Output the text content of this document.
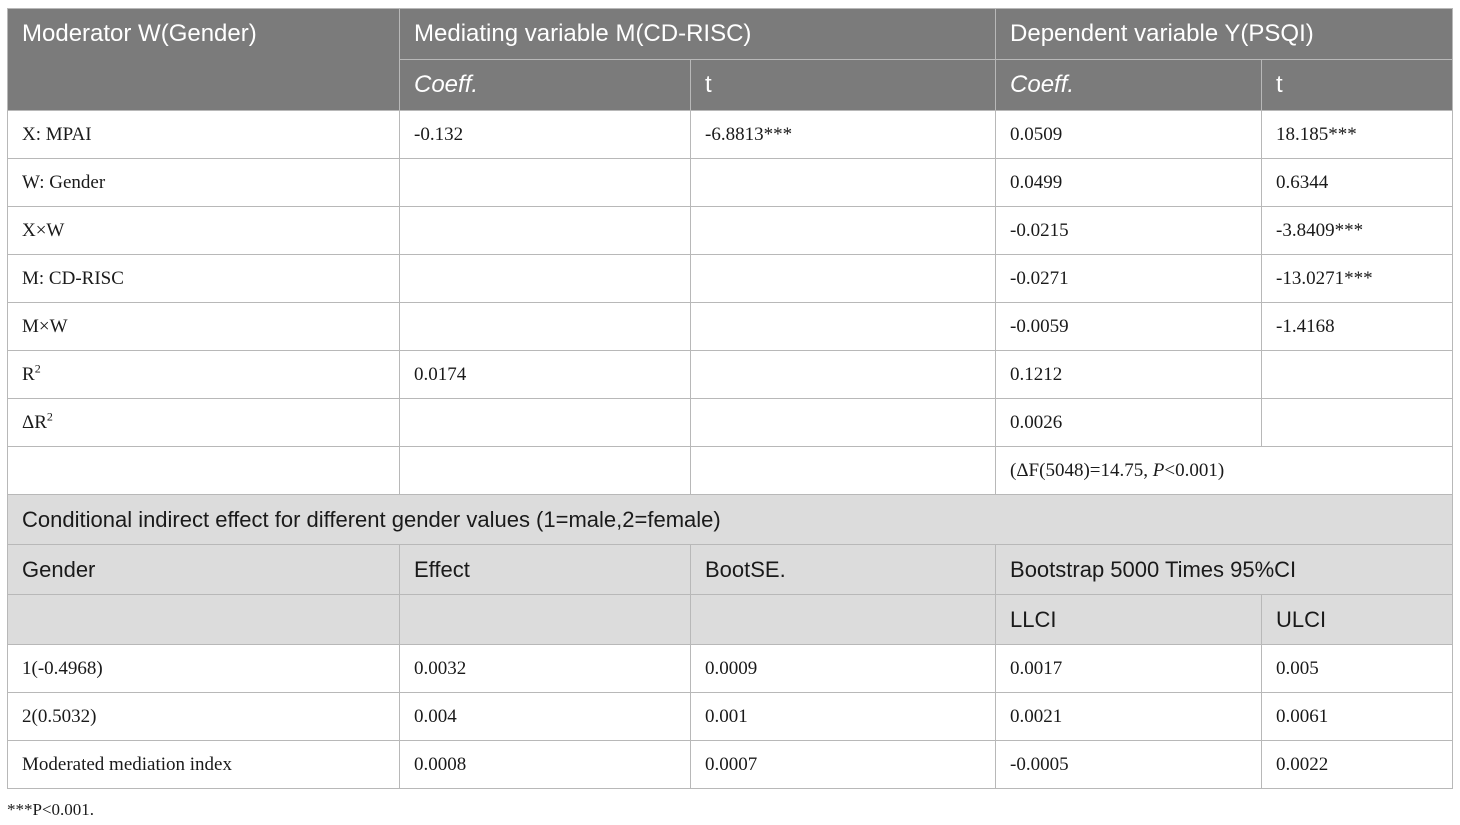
Moderator W(Gender)	Mediating variable M(CD-RISC)		Dependent variable Y(PSQI)	
	Coeff.	t	Coeff.	t
X: MPAI	-0.132	-6.8813***	0.0509	18.185***
W: Gender			0.0499	0.6344
X×W			-0.0215	-3.8409***
M: CD-RISC			-0.0271	-13.0271***
M×W			-0.0059	-1.4168
$R^2$	0.0174		0.1212	
$\Delta R^2$			0.0026	
			(ΔF(5048)=14.75, P<0.001)	
Conditional indirect effect for different gender values (1=male,2=female)				
Gender	Effect	BootSE.	Bootstrap 5000 Times 95%CI	
			LLCI	ULCI
1(-0.4968)	0.0032	0.0009	0.0017	0.005
2(0.5032)	0.004	0.001	0.0021	0.0061
Moderated mediation index	0.0008	0.0007	-0.0005	0.0022
***P<0.001.
